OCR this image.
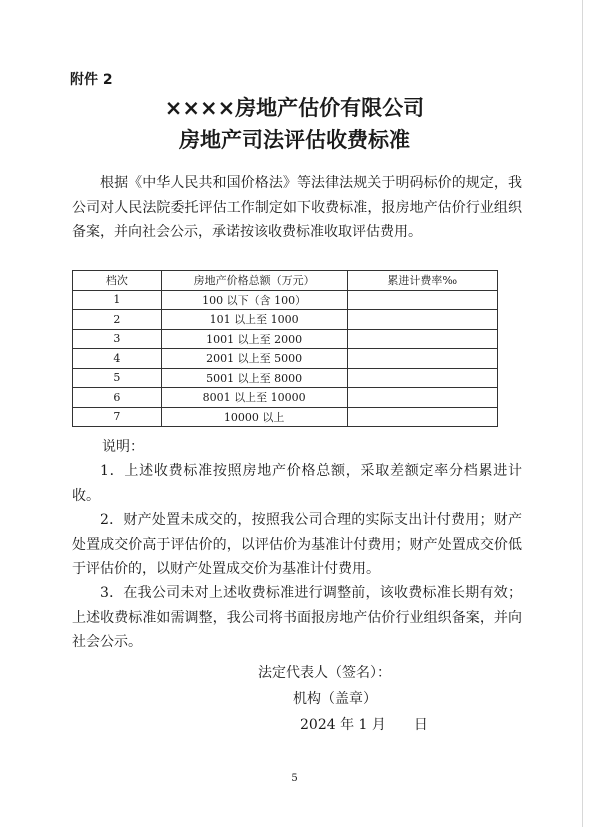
附件 2
××××房地产估价有限公司
房地产司法评估收费标准

根据《中华人民共和国价格法》等法律法规关于明码标价的规定，我公司对人民法院委托评估工作制定如下收费标准，报房地产估价行业组织备案，并向社会公示，承诺按该收费标准收取评估费用。

档次	房地产价格总额（万元）	累进计费率‰
1	100 以下（含 100）	
2	101 以上至 1000	
3	1001 以上至 2000	
4	2001 以上至 5000	
5	5001 以上至 8000	
6	8001 以上至 10000	
7	10000 以上	
说明：

1．上述收费标准按照房地产价格总额，采取差额定率分档累进计收。

2．财产处置未成交的，按照我公司合理的实际支出计付费用；财产处置成交价高于评估价的，以评估价为基准计付费用；财产处置成交价低于评估价的，以财产处置成交价为基准计付费用。

3．在我公司未对上述收费标准进行调整前，该收费标准长期有效；上述收费标准如需调整，我公司将书面报房地产估价行业组织备案，并向社会公示。

法定代表人（签名）：
机构（盖章）
2024 年 1 月　　日
5
